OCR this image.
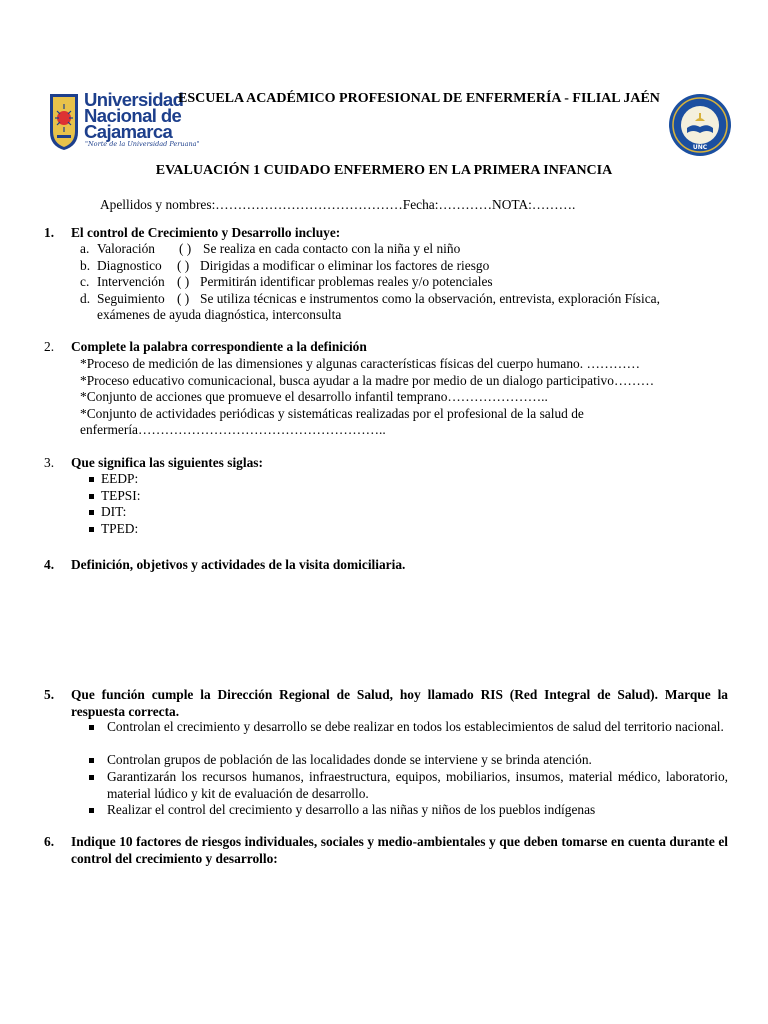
Universidad
Nacional de
Cajamarca
"Norte de la Universidad Peruana"	UNC
ESCUELA ACADÉMICO PROFESIONAL DE ENFERMERÍA - FILIAL JAÉN
EVALUACIÓN 1 CUIDADO ENFERMERO EN LA PRIMERA INFANCIA
Apellidos y nombres:……………………………………Fecha:…………NOTA:……….
1.	El control de Crecimiento y Desarrollo incluye:
a. Valoración ( ) Se realiza en cada contacto con la niña y el niño
b. Diagnostico ( ) Dirigidas a modificar o eliminar los factores de riesgo
c. Intervención ( ) Permitirán identificar problemas reales y/o potenciales
d. Seguimiento ( ) Se utiliza técnicas e instrumentos como la observación, entrevista, exploración Física,
exámenes de ayuda diagnóstica, interconsulta
2.	Complete la palabra correspondiente a la definición
*Proceso de medición de las dimensiones y algunas características físicas del cuerpo humano. …………
*Proceso educativo comunicacional, busca ayudar a la madre por medio de un dialogo participativo………
*Conjunto de acciones que promueve el desarrollo infantil temprano…………………..
*Conjunto de actividades periódicas y sistemáticas realizadas por el profesional de la salud de
enfermería………………………………………………..
3.	Que significa las siguientes siglas:
EEDP:
TEPSI:
DIT:
TPED:
4.	Definición, objetivos y actividades de la visita domiciliaria.
5.	Que función cumple la Dirección Regional de Salud, hoy llamado RIS (Red Integral de Salud). Marque la respuesta correcta.
Controlan el crecimiento y desarrollo se debe realizar en todos los establecimientos de salud del territorio nacional.
Controlan grupos de población de las localidades donde se interviene y se brinda atención.
Garantizarán los recursos humanos, infraestructura, equipos, mobiliarios, insumos, material médico, laboratorio, material lúdico y kit de evaluación de desarrollo.
Realizar el control del crecimiento y desarrollo a las niñas y niños de los pueblos indígenas
6.	Indique 10 factores de riesgos individuales, sociales y medio-ambientales y que deben tomarse en cuenta durante el control del crecimiento y desarrollo:
